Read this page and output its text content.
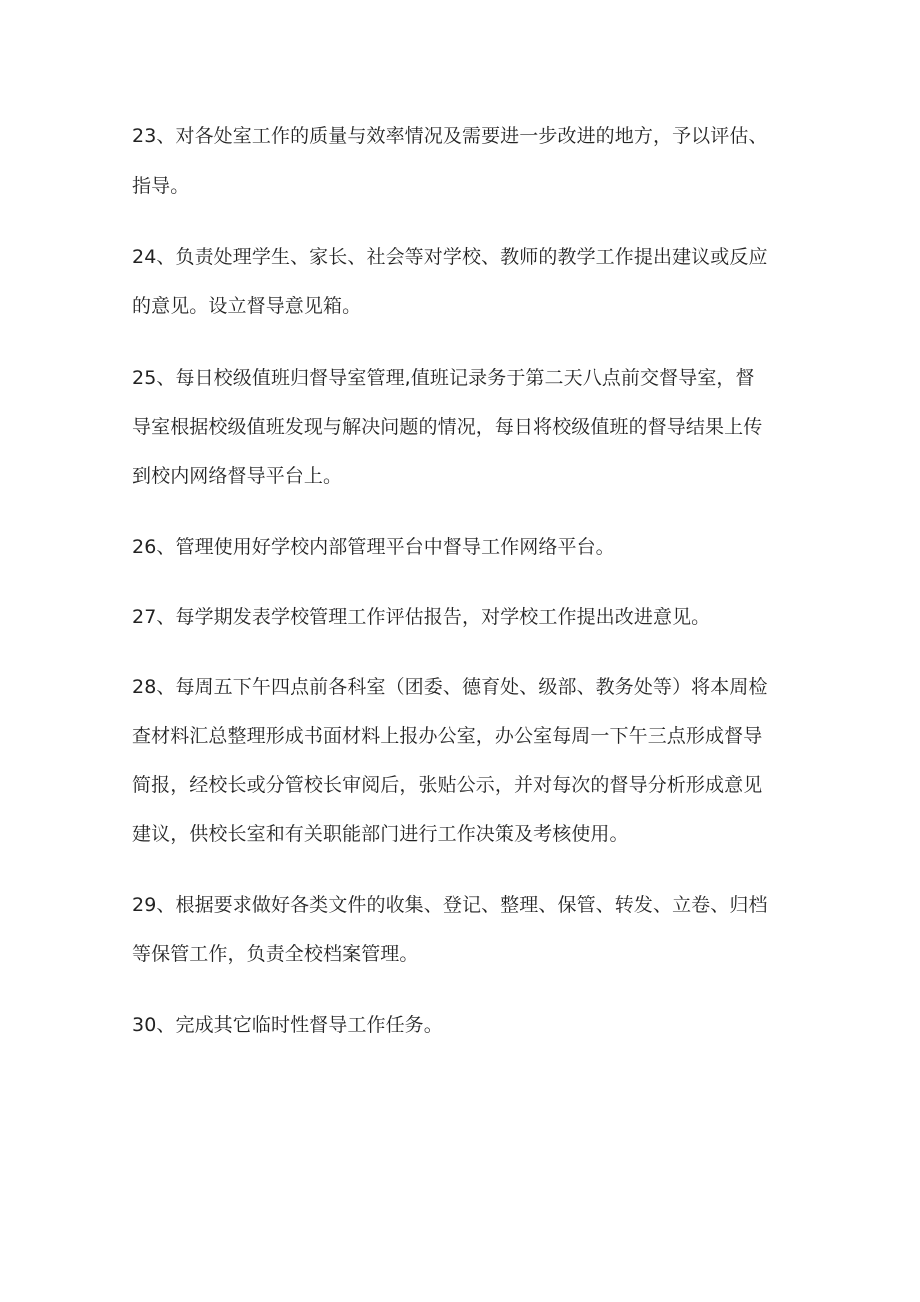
23、对各处室工作的质量与效率情况及需要进一步改进的地方，予以评估、

指导。

24、负责处理学生、家长、社会等对学校、教师的教学工作提出建议或反应

的意见。设立督导意见箱。

25、每日校级值班归督导室管理,值班记录务于第二天八点前交督导室，督

导室根据校级值班发现与解决问题的情况，每日将校级值班的督导结果上传

到校内网络督导平台上。

26、管理使用好学校内部管理平台中督导工作网络平台。

27、每学期发表学校管理工作评估报告，对学校工作提出改进意见。

28、每周五下午四点前各科室（团委、德育处、级部、教务处等）将本周检

查材料汇总整理形成书面材料上报办公室，办公室每周一下午三点形成督导

简报，经校长或分管校长审阅后，张贴公示，并对每次的督导分析形成意见

建议，供校长室和有关职能部门进行工作决策及考核使用。

29、根据要求做好各类文件的收集、登记、整理、保管、转发、立卷、归档

等保管工作，负责全校档案管理。

30、完成其它临时性督导工作任务。
